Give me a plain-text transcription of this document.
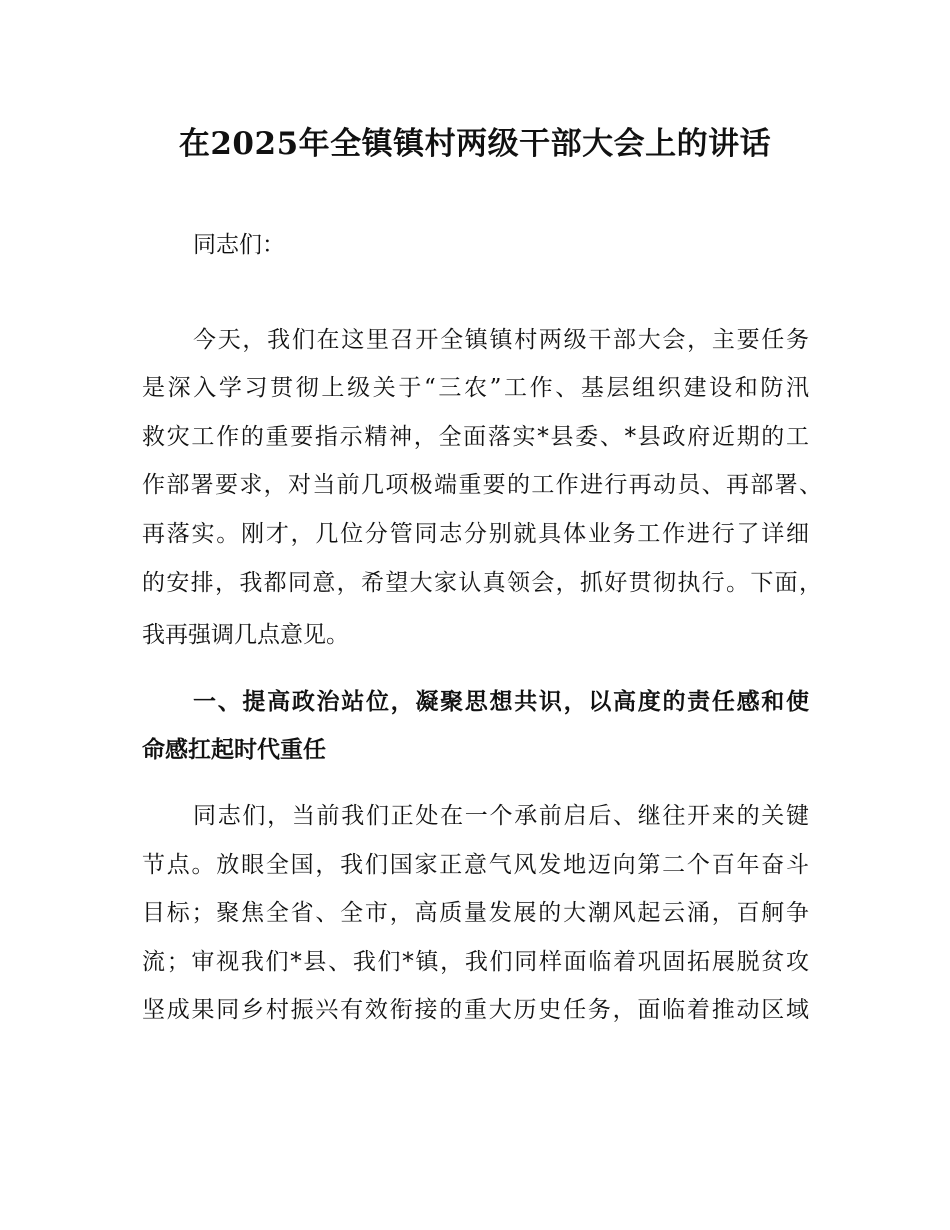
在2025年全镇镇村两级干部大会上的讲话
同志们：
今天，我们在这里召开全镇镇村两级干部大会，主要任务
是深入学习贯彻上级关于“三农”工作、基层组织建设和防汛
救灾工作的重要指示精神，全面落实*县委、*县政府近期的工
作部署要求，对当前几项极端重要的工作进行再动员、再部署、
再落实。刚才，几位分管同志分别就具体业务工作进行了详细
的安排，我都同意，希望大家认真领会，抓好贯彻执行。下面，
我再强调几点意见。
一、提高政治站位，凝聚思想共识，以高度的责任感和使
命感扛起时代重任
同志们，当前我们正处在一个承前启后、继往开来的关键
节点。放眼全国，我们国家正意气风发地迈向第二个百年奋斗
目标；聚焦全省、全市，高质量发展的大潮风起云涌，百舸争
流；审视我们*县、我们*镇，我们同样面临着巩固拓展脱贫攻
坚成果同乡村振兴有效衔接的重大历史任务，面临着推动区域
